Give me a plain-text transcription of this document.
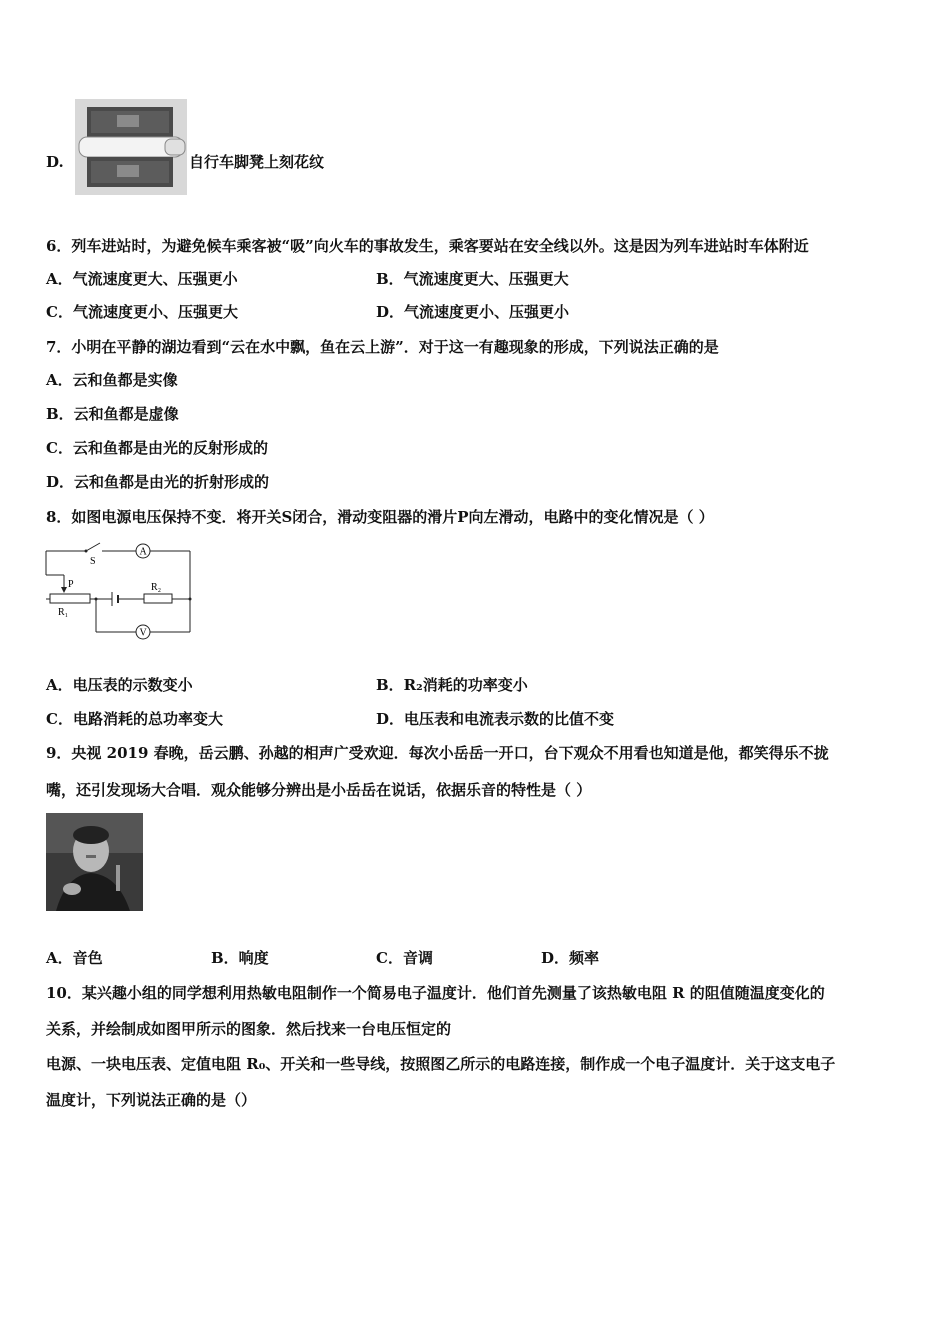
D.	自行车脚凳上刻花纹
6．列车进站时，为避免候车乘客被“吸”向火车的事故发生，乘客要站在安全线以外。这是因为列车进站时车体附近
A．气流速度更大、压强更小	B．气流速度更大、压强更大
C．气流速度更小、压强更大	D．气流速度更小、压强更小
7．小明在平静的湖边看到“云在水中飘，鱼在云上游”．对于这一有趣现象的形成，下列说法正确的是
A．云和鱼都是实像
B．云和鱼都是虚像
C．云和鱼都是由光的反射形成的
D．云和鱼都是由光的折射形成的
8．如图电源电压保持不变．将开关S闭合，滑动变阻器的滑片P向左滑动，电路中的变化情况是（ ）
A
S
P
R₁
R₂
V
A．电压表的示数变小	B．R₂消耗的功率变小
C．电路消耗的总功率变大	D．电压表和电流表示数的比值不变
9．央视 2019 春晚，岳云鹏、孙越的相声广受欢迎．每次小岳岳一开口，台下观众不用看也知道是他，都笑得乐不拢
嘴，还引发现场大合唱．观众能够分辨出是小岳岳在说话，依据乐音的特性是（ ）
A．音色	B．响度	C．音调	D．频率
10．某兴趣小组的同学想利用热敏电阻制作一个简易电子温度计．他们首先测量了该热敏电阻 R 的阻值随温度变化的
关系，并绘制成如图甲所示的图象．然后找来一台电压恒定的
电源、一块电压表、定值电阻 R₀、开关和一些导线，按照图乙所示的电路连接，制作成一个电子温度计．关于这支电子
温度计，下列说法正确的是（）
